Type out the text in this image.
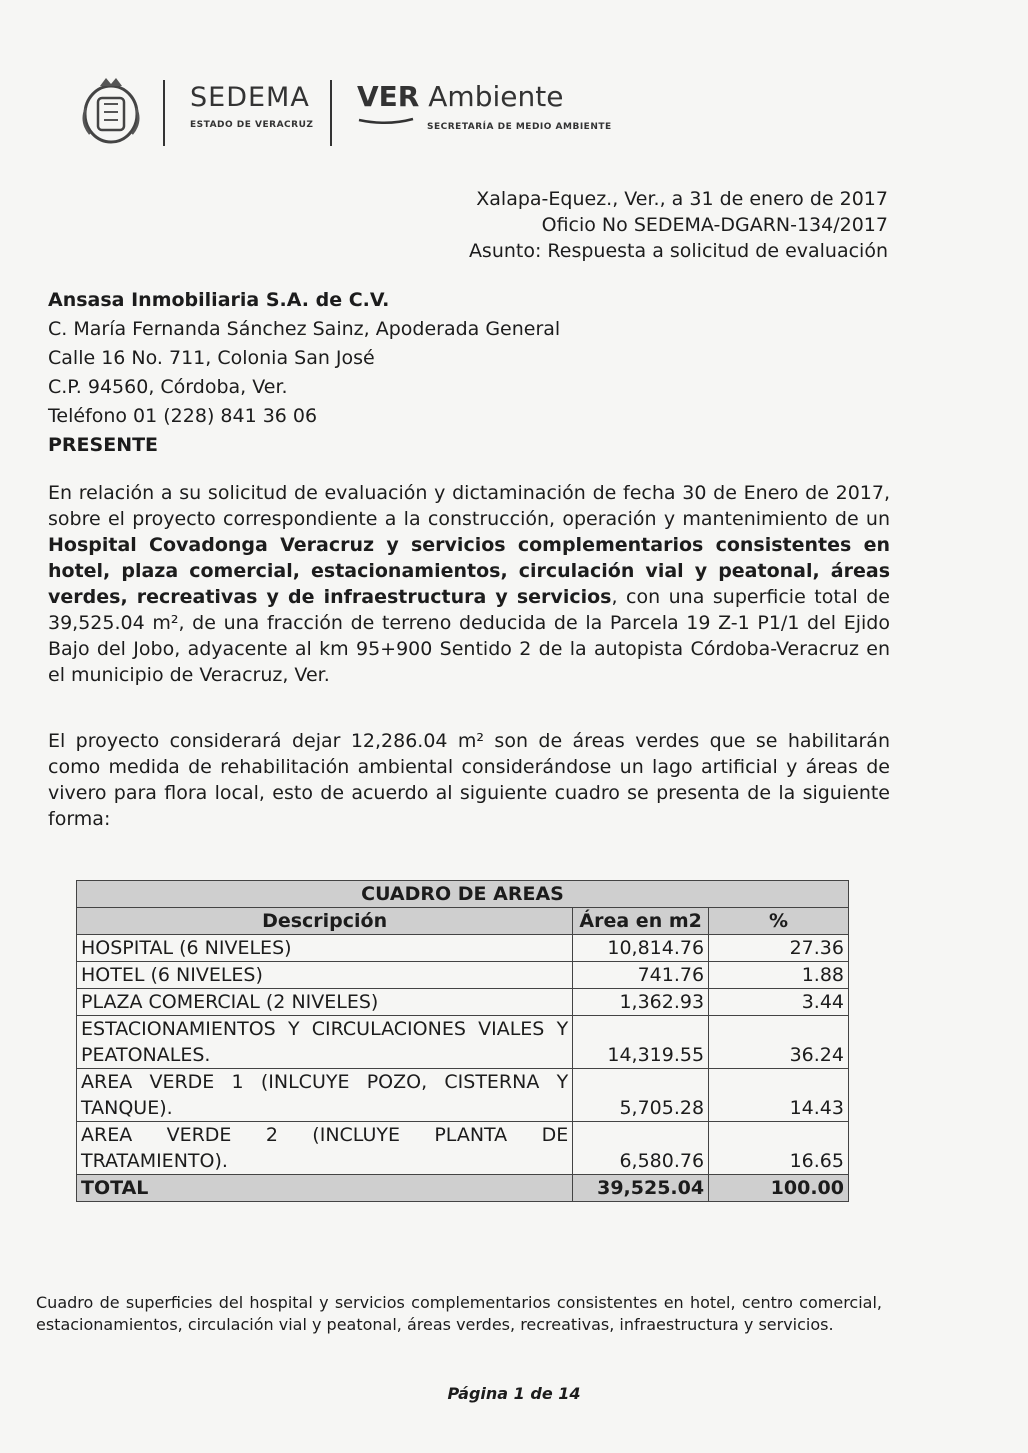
SEDEMA
ESTADO DE VERACRUZ
VER Ambiente
SECRETARÍA DE MEDIO AMBIENTE
Xalapa-Equez., Ver., a 31 de enero de 2017
Oficio No SEDEMA-DGARN-134/2017
Asunto: Respuesta a solicitud de evaluación
Ansasa Inmobiliaria S.A. de C.V.
C. María Fernanda Sánchez Sainz, Apoderada General
Calle 16 No. 711, Colonia San José
C.P. 94560, Córdoba, Ver.
Teléfono 01 (228) 841 36 06
PRESENTE

En relación a su solicitud de evaluación y dictaminación de fecha 30 de Enero de 2017, sobre el proyecto correspondiente a la construcción, operación y mantenimiento de un Hospital Covadonga Veracruz y servicios complementarios consistentes en hotel, plaza comercial, estacionamientos, circulación vial y peatonal, áreas verdes, recreativas y de infraestructura y servicios, con una superficie total de 39,525.04 m², de una fracción de terreno deducida de la Parcela 19 Z-1 P1/1 del Ejido Bajo del Jobo, adyacente al km 95+900 Sentido 2 de la autopista Córdoba-Veracruz en el municipio de Veracruz, Ver.

El proyecto considerará dejar 12,286.04 m² son de áreas verdes que se habilitarán como medida de rehabilitación ambiental considerándose un lago artificial y áreas de vivero para flora local, esto de acuerdo al siguiente cuadro se presenta de la siguiente forma:

CUADRO DE AREAS		
Descripción	Área en m2	%
HOSPITAL (6 NIVELES)	10,814.76	27.36
HOTEL (6 NIVELES)	741.76	1.88
PLAZA COMERCIAL (2 NIVELES)	1,362.93	3.44
ESTACIONAMIENTOS Y CIRCULACIONES VIALES Y PEATONALES.	14,319.55	36.24
AREA VERDE 1 (INLCUYE POZO, CISTERNA Y TANQUE).	5,705.28	14.43
AREA VERDE 2 (INCLUYE PLANTA DE TRATAMIENTO).	6,580.76	16.65
TOTAL	39,525.04	100.00
Cuadro de superficies del hospital y servicios complementarios consistentes en hotel, centro comercial, estacionamientos, circulación vial y peatonal, áreas verdes, recreativas, infraestructura y servicios.
Página 1 de 14
